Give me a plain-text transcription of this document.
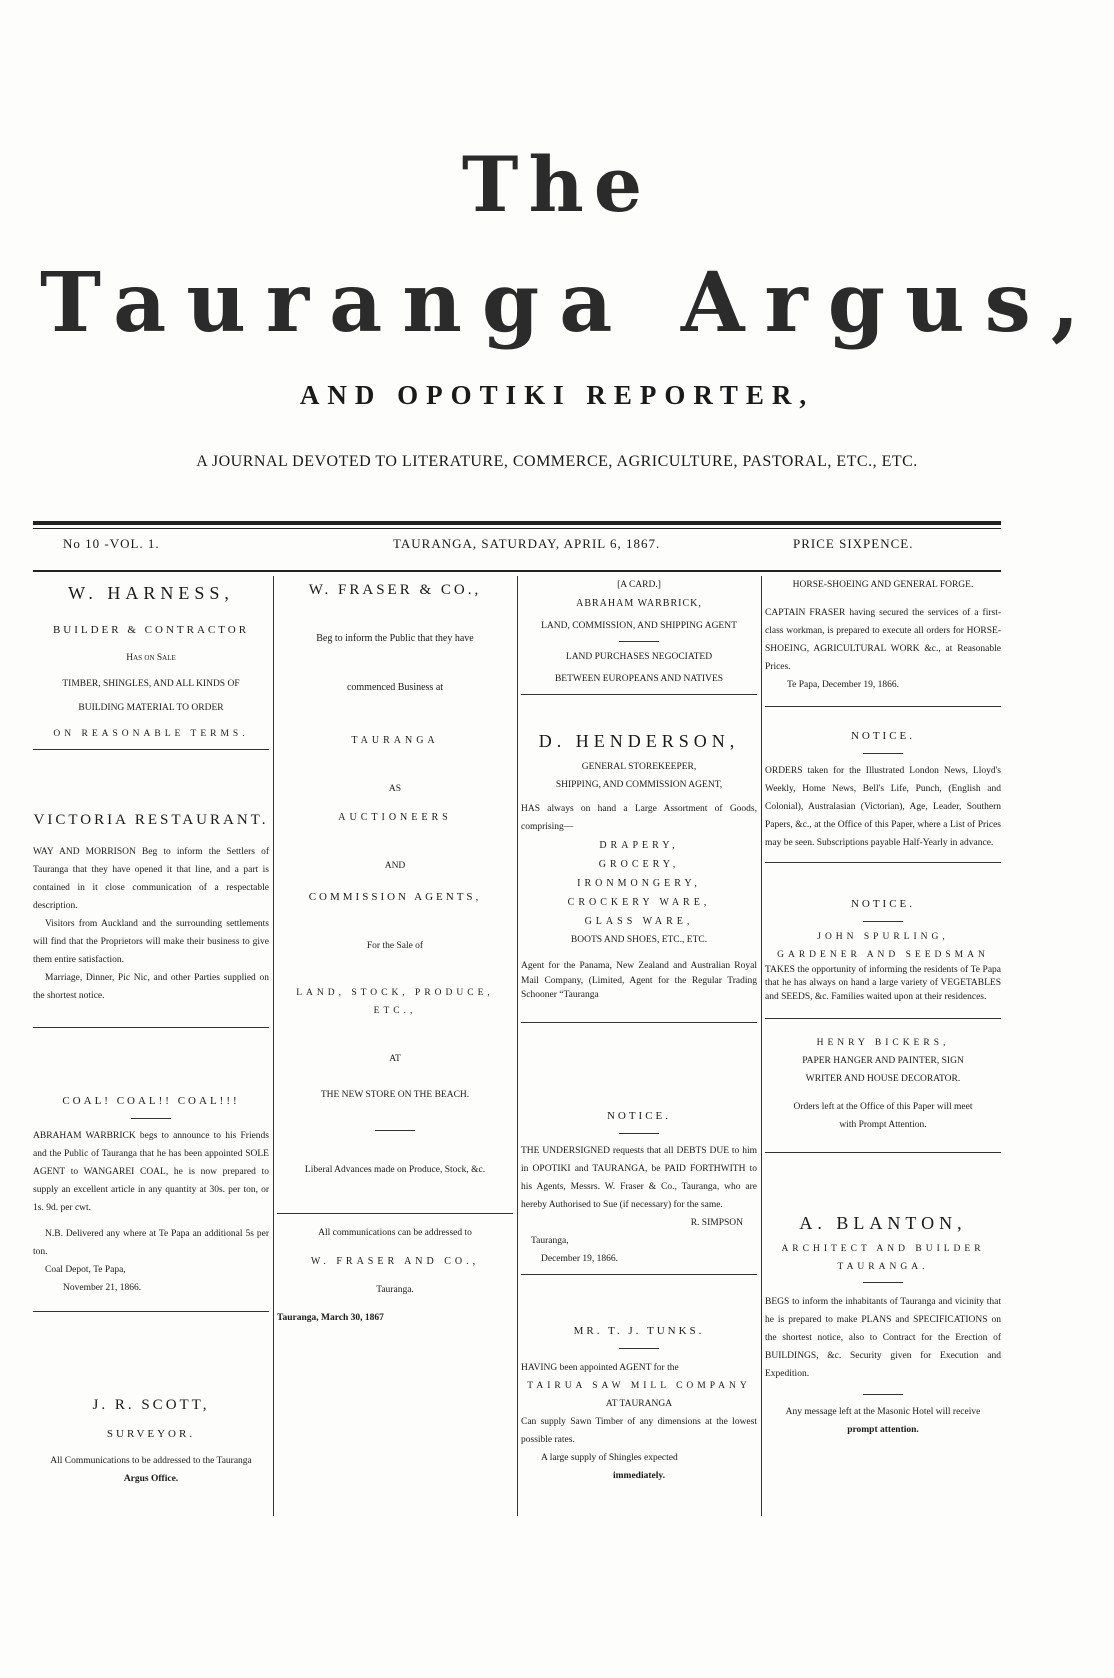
The
Tauranga Argus,
AND OPOTIKI REPORTER,
A JOURNAL DEVOTED TO LITERATURE, COMMERCE, AGRICULTURE, PASTORAL, ETC., ETC.
No 10 -VOL. 1.	TAURANGA, SATURDAY, APRIL 6, 1867.	PRICE SIXPENCE.

W. HARNESS,

BUILDER & CONTRACTOR

Has on Sale

TIMBER, SHINGLES, AND ALL KINDS OF

BUILDING MATERIAL TO ORDER

ON REASONABLE TERMS.

VICTORIA RESTAURANT.

WAY AND MORRISON Beg to inform the Settlers of Tauranga that they have opened it that line, and a part is contained in it close communication of a respectable description.

Visitors from Auckland and the surrounding settlements will find that the Proprietors will make their business to give them entire satisfaction.

Marriage, Dinner, Pic Nic, and other Parties supplied on the shortest notice.

COAL! COAL!! COAL!!!

ABRAHAM WARBRICK begs to announce to his Friends and the Public of Tauranga that he has been appointed SOLE AGENT to WANGAREI COAL, he is now prepared to supply an excellent article in any quantity at 30s. per ton, or 1s. 9d. per cwt.

N.B. Delivered any where at Te Papa an additional 5s per ton.

Coal Depot, Te Papa,

November 21, 1866.

J. R. SCOTT,

SURVEYOR.

All Communications to be addressed to the Tauranga

Argus Office.

W. FRASER & CO.,

Beg to inform the Public that they have

commenced Business at

TAURANGA

AS

AUCTIONEERS

AND

COMMISSION AGENTS,

For the Sale of

LAND, STOCK, PRODUCE, ETC.,

AT

THE NEW STORE ON THE BEACH.

Liberal Advances made on Produce, Stock, &c.

All communications can be addressed to

W. FRASER AND CO.,

Tauranga.

Tauranga, March 30, 1867

[A CARD.]

ABRAHAM WARBRICK,

LAND, COMMISSION, AND SHIPPING AGENT

LAND PURCHASES NEGOCIATED

BETWEEN EUROPEANS AND NATIVES

D. HENDERSON,

GENERAL STOREKEEPER,

SHIPPING, AND COMMISSION AGENT,

HAS always on hand a Large Assortment of Goods, comprising—

DRAPERY,

GROCERY,

IRONMONGERY,

CROCKERY WARE,

GLASS WARE,

BOOTS AND SHOES, ETC., ETC.

Agent for the Panama, New Zealand and Australian Royal Mail Company, (Limited, Agent for the Regular Trading Schooner “Tauranga

NOTICE.

THE UNDERSIGNED requests that all DEBTS DUE to him in OPOTIKI and TAURANGA, be PAID FORTHWITH to his Agents, Messrs. W. Fraser & Co., Tauranga, who are hereby Authorised to Sue (if necessary) for the same.

R. SIMPSON

Tauranga,

December 19, 1866.

MR. T. J. TUNKS.

HAVING been appointed AGENT for the

TAIRUA SAW MILL COMPANY

AT TAURANGA

Can supply Sawn Timber of any dimensions at the lowest possible rates.

A large supply of Shingles expected

immediately.

HORSE-SHOEING AND GENERAL FORGE.

CAPTAIN FRASER having secured the services of a first-class workman, is prepared to execute all orders for HORSE-SHOEING, AGRICULTURAL WORK &c., at Reasonable Prices.

Te Papa, December 19, 1866.

NOTICE.

ORDERS taken for the Illustrated London News, Lloyd's Weekly, Home News, Bell's Life, Punch, (English and Colonial), Australasian (Victorian), Age, Leader, Southern Papers, &c., at the Office of this Paper, where a List of Prices may be seen. Subscriptions payable Half-Yearly in advance.

NOTICE.

JOHN SPURLING,

GARDENER AND SEEDSMAN

TAKES the opportunity of informing the residents of Te Papa that he has always on hand a large variety of VEGETABLES and SEEDS, &c. Families waited upon at their residences.

HENRY BICKERS,

PAPER HANGER AND PAINTER, SIGN

WRITER AND HOUSE DECORATOR.

Orders left at the Office of this Paper will meet

with Prompt Attention.

A. BLANTON,

ARCHITECT AND BUILDER

TAURANGA.

BEGS to inform the inhabitants of Tauranga and vicinity that he is prepared to make PLANS and SPECIFICATIONS on the shortest notice, also to Contract for the Erection of BUILDINGS, &c. Security given for Execution and Expedition.

Any message left at the Masonic Hotel will receive

prompt attention.
